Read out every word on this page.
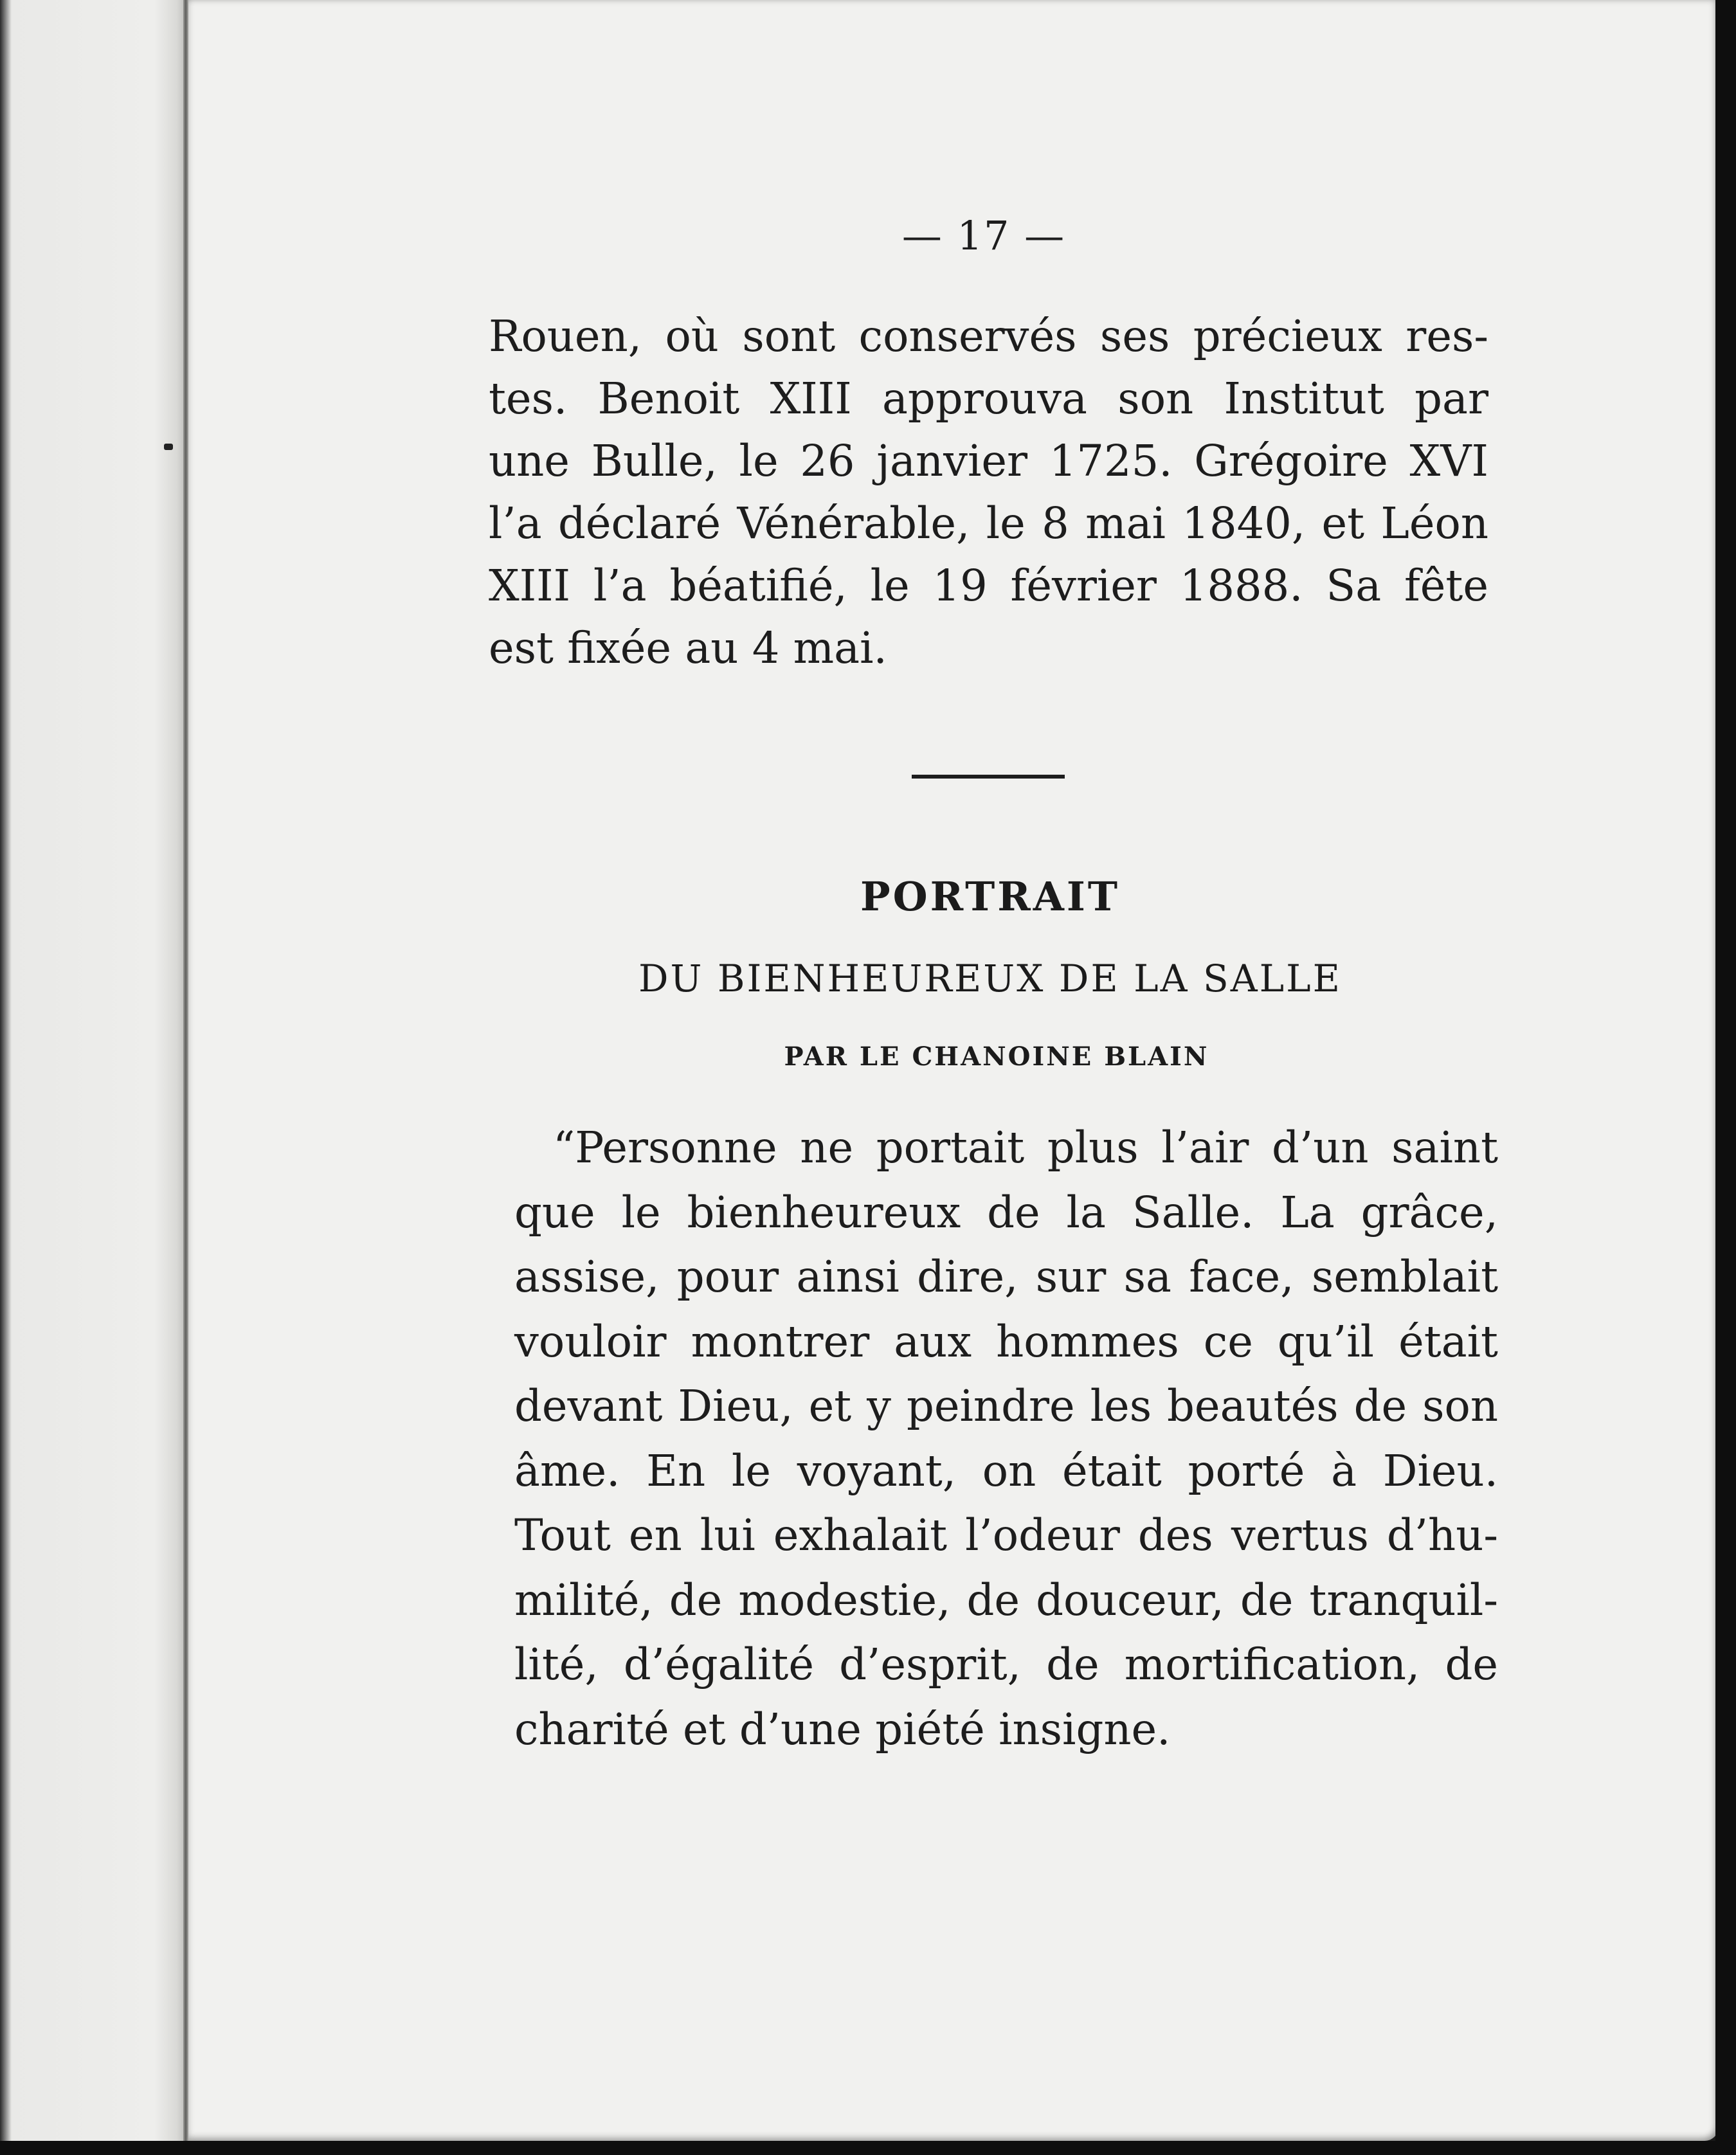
— 17 —
Rouen, où sont conservés ses précieux res-
tes. Benoit XIII approuva son Institut par
une Bulle, le 26 janvier 1725. Grégoire XVI
l’a déclaré Vénérable, le 8 mai 1840, et Léon
XIII l’a béatifié, le 19 février 1888. Sa fête
est fixée au 4 mai.
PORTRAIT
DU BIENHEUREUX DE LA SALLE
PAR LE CHANOINE BLAIN
“Personne ne portait plus l’air d’un saint
que le bienheureux de la Salle. La grâce,
assise, pour ainsi dire, sur sa face, semblait
vouloir montrer aux hommes ce qu’il était
devant Dieu, et y peindre les beautés de son
âme. En le voyant, on était porté à Dieu.
Tout en lui exhalait l’odeur des vertus d’hu-
milité, de modestie, de douceur, de tranquil-
lité, d’égalité d’esprit, de mortification, de
charité et d’une piété insigne.
